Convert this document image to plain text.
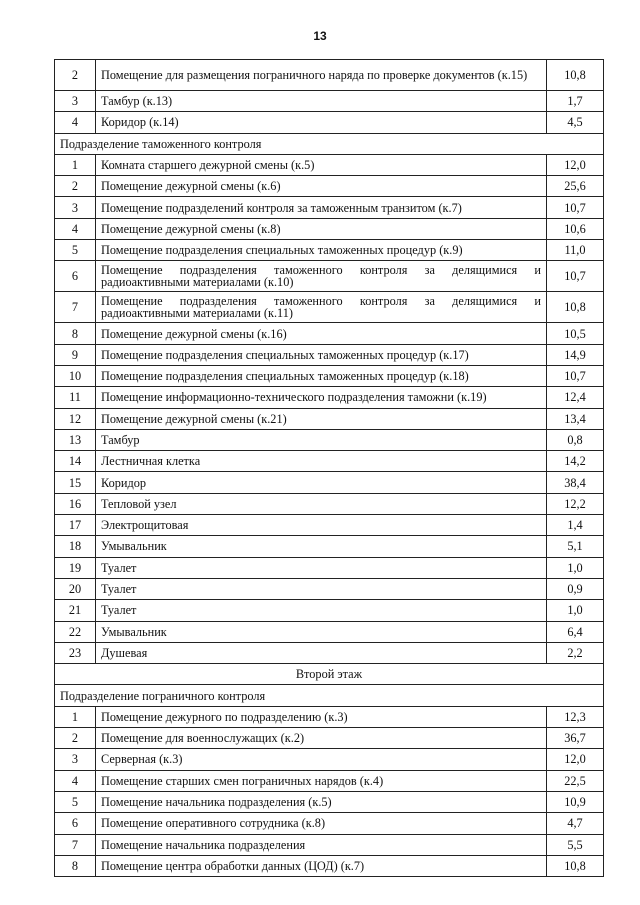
13
2	Помещение для размещения пограничного наряда по проверке документов (к.15)	10,8
3	Тамбур (к.13)	1,7
4	Коридор (к.14)	4,5
Подразделение таможенного контроля		
1	Комната старшего дежурной смены (к.5)	12,0
2	Помещение дежурной смены (к.6)	25,6
3	Помещение подразделений контроля за таможенным транзитом (к.7)	10,7
4	Помещение дежурной смены (к.8)	10,6
5	Помещение подразделения специальных таможенных процедур (к.9)	11,0
6	Помещение подразделения таможенного контроля за делящимися и радиоактивными материалами (к.10)	10,7
7	Помещение подразделения таможенного контроля за делящимися и радиоактивными материалами (к.11)	10,8
8	Помещение дежурной смены (к.16)	10,5
9	Помещение подразделения специальных таможенных процедур (к.17)	14,9
10	Помещение подразделения специальных таможенных процедур (к.18)	10,7
11	Помещение информационно-технического подразделения таможни (к.19)	12,4
12	Помещение дежурной смены (к.21)	13,4
13	Тамбур	0,8
14	Лестничная клетка	14,2
15	Коридор	38,4
16	Тепловой узел	12,2
17	Электрощитовая	1,4
18	Умывальник	5,1
19	Туалет	1,0
20	Туалет	0,9
21	Туалет	1,0
22	Умывальник	6,4
23	Душевая	2,2
Второй этаж		
Подразделение пограничного контроля		
1	Помещение дежурного по подразделению (к.3)	12,3
2	Помещение для военнослужащих (к.2)	36,7
3	Серверная (к.3)	12,0
4	Помещение старших смен пограничных нарядов (к.4)	22,5
5	Помещение начальника подразделения (к.5)	10,9
6	Помещение оперативного сотрудника (к.8)	4,7
7	Помещение начальника подразделения	5,5
8	Помещение центра обработки данных (ЦОД) (к.7)	10,8
